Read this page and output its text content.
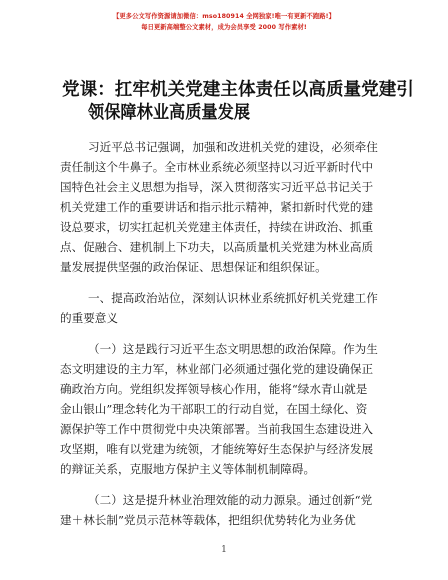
【更多公文写作资源请加微信：mso180914 全网独家!唯一有更新不跑路!】
每日更新高端整公文素材，成为会员享受 2000 写作素材!
党课：扛牢机关党建主体责任以高质量党建引
领保障林业高质量发展
习近平总书记强调，加强和改进机关党的建设，必须牵住
责任制这个牛鼻子。全市林业系统必须坚持以习近平新时代中
国特色社会主义思想为指导，深入贯彻落实习近平总书记关于
机关党建工作的重要讲话和指示批示精神，紧扣新时代党的建
设总要求，切实扛起机关党建主体责任，持续在讲政治、抓重
点、促融合、建机制上下功夫，以高质量机关党建为林业高质
量发展提供坚强的政治保证、思想保证和组织保证。
一、提高政治站位，深刻认识林业系统抓好机关党建工作
的重要意义
（一）这是践行习近平生态文明思想的政治保障。作为生
态文明建设的主力军，林业部门必须通过强化党的建设确保正
确政治方向。党组织发挥领导核心作用，能将“绿水青山就是
金山银山”理念转化为干部职工的行动自觉，在国土绿化、资
源保护等工作中贯彻党中央决策部署。当前我国生态建设进入
攻坚期，唯有以党建为统领，才能统筹好生态保护与经济发展
的辩证关系，克服地方保护主义等体制机制障碍。
（二）这是提升林业治理效能的动力源泉。通过创新“党
建＋林长制”党员示范林等载体，把组织优势转化为业务优
1
